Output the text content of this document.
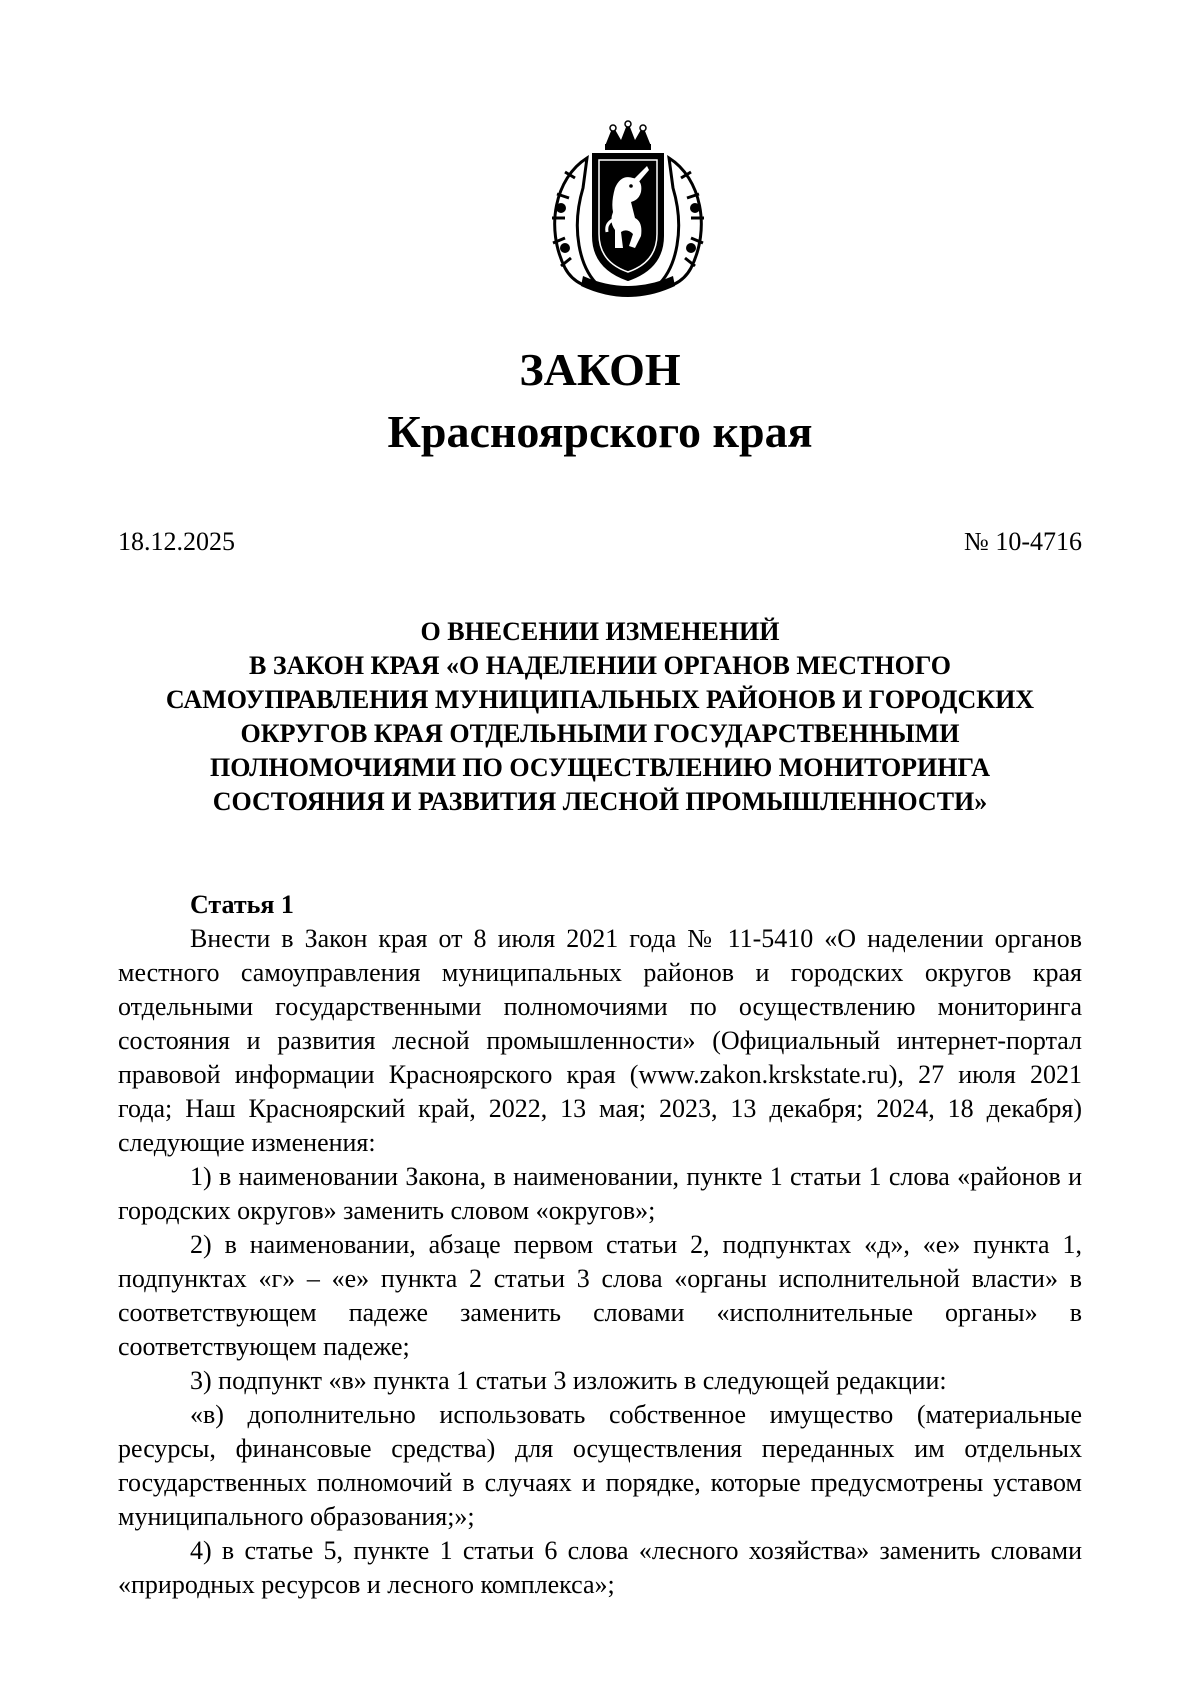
ЗАКОН
Красноярского края
18.12.2025	№ 10-4716
О ВНЕСЕНИИ ИЗМЕНЕНИЙ
В ЗАКОН КРАЯ «О НАДЕЛЕНИИ ОРГАНОВ МЕСТНОГО
САМОУПРАВЛЕНИЯ МУНИЦИПАЛЬНЫХ РАЙОНОВ И ГОРОДСКИХ
ОКРУГОВ КРАЯ ОТДЕЛЬНЫМИ ГОСУДАРСТВЕННЫМИ
ПОЛНОМОЧИЯМИ ПО ОСУЩЕСТВЛЕНИЮ МОНИТОРИНГА
СОСТОЯНИЯ И РАЗВИТИЯ ЛЕСНОЙ ПРОМЫШЛЕННОСТИ»
Статья 1

Внести в Закон края от 8 июля 2021 года № 11-5410 «О наделении органов местного самоуправления муниципальных районов и городских округов края отдельными государственными полномочиями по осуществлению мониторинга состояния и развития лесной промышленности» (Официальный интернет-портал правовой информации Красноярского края (www.zakon.krskstate.ru), 27 июля 2021 года; Наш Красноярский край, 2022, 13 мая; 2023, 13 декабря; 2024, 18 декабря) следующие изменения:

1) в наименовании Закона, в наименовании, пункте 1 статьи 1 слова «районов и городских округов» заменить словом «округов»;

2) в наименовании, абзаце первом статьи 2, подпунктах «д», «е» пункта 1, подпунктах «г» – «е» пункта 2 статьи 3 слова «органы исполнительной власти» в соответствующем падеже заменить словами «исполнительные органы» в соответствующем падеже;

3) подпункт «в» пункта 1 статьи 3 изложить в следующей редакции:

«в) дополнительно использовать собственное имущество (материальные ресурсы, финансовые средства) для осуществления переданных им отдельных государственных полномочий в случаях и порядке, которые предусмотрены уставом муниципального образования;»;

4) в статье 5, пункте 1 статьи 6 слова «лесного хозяйства» заменить словами «природных ресурсов и лесного комплекса»;
